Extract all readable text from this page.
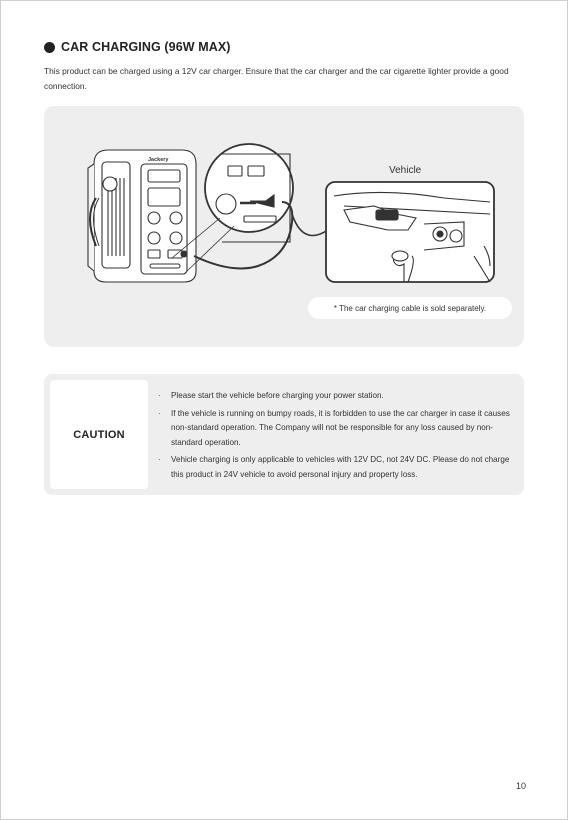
CAR CHARGING (96W MAX)
This product can be charged using a 12V car charger. Ensure that the car charger and the car cigarette lighter provide a good connection.
Jackery
Vehicle
* The car charging cable is sold separately.
CAUTION
· Please start the vehicle before charging your power station.
· If the vehicle is running on bumpy roads, it is forbidden to use the car charger in case it causes non-standard operation. The Company will not be responsible for any loss caused by non-standard operation.
· Vehicle charging is only applicable to vehicles with 12V DC, not 24V DC. Please do not charge this product in 24V vehicle to avoid personal injury and property loss.
10
